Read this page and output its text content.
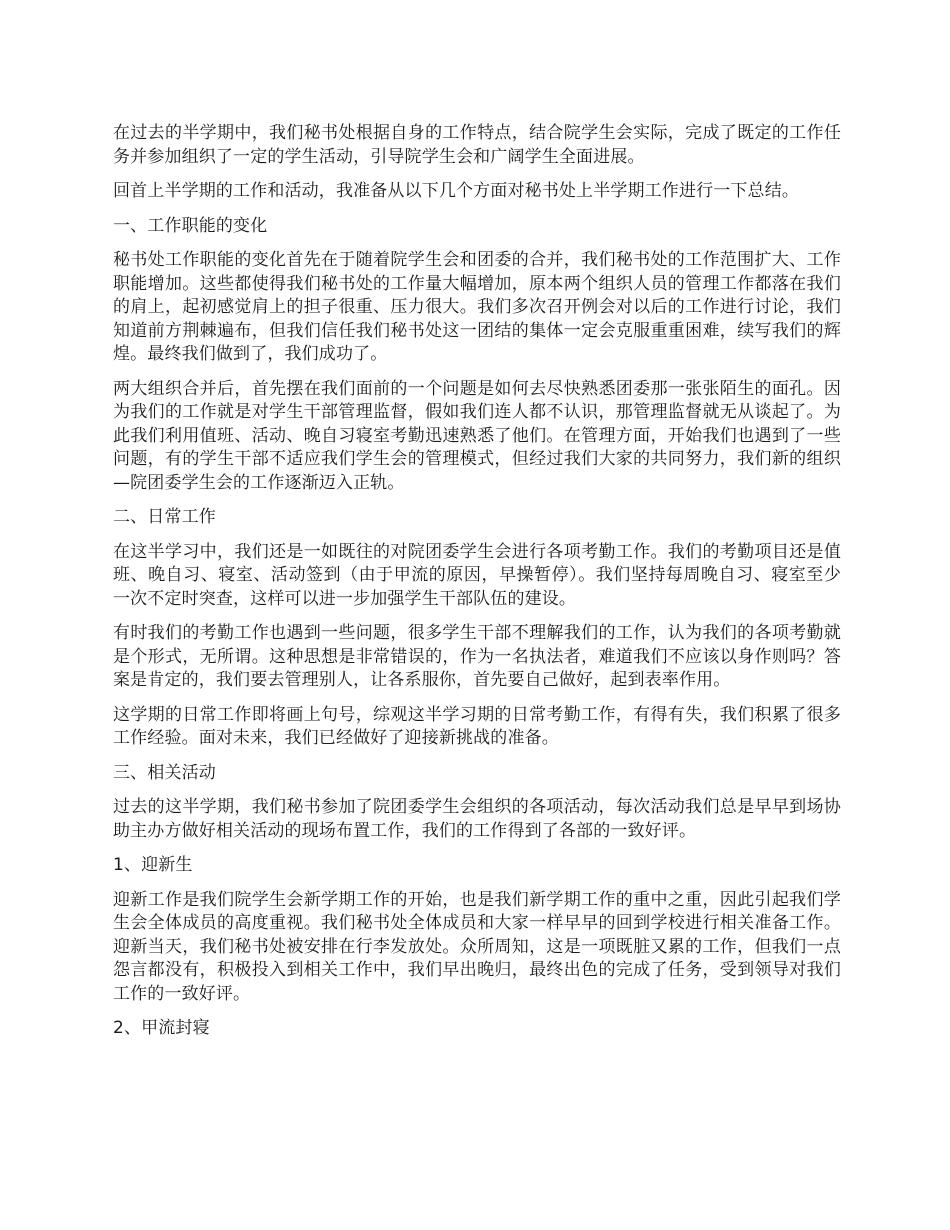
在过去的半学期中，我们秘书处根据自身的工作特点，结合院学生会实际，完成了既定的工作任务并参加组织了一定的学生活动，引导院学生会和广阔学生全面进展。

回首上半学期的工作和活动，我准备从以下几个方面对秘书处上半学期工作进行一下总结。

一、工作职能的变化

秘书处工作职能的变化首先在于随着院学生会和团委的合并，我们秘书处的工作范围扩大、工作职能增加。这些都使得我们秘书处的工作量大幅增加，原本两个组织人员的管理工作都落在我们的肩上，起初感觉肩上的担子很重、压力很大。我们多次召开例会对以后的工作进行讨论，我们知道前方荆棘遍布，但我们信任我们秘书处这一团结的集体一定会克服重重困难，续写我们的辉煌。最终我们做到了，我们成功了。

两大组织合并后，首先摆在我们面前的一个问题是如何去尽快熟悉团委那一张张陌生的面孔。因为我们的工作就是对学生干部管理监督，假如我们连人都不认识，那管理监督就无从谈起了。为此我们利用值班、活动、晚自习寝室考勤迅速熟悉了他们。在管理方面，开始我们也遇到了一些问题，有的学生干部不适应我们学生会的管理模式，但经过我们大家的共同努力，我们新的组织—院团委学生会的工作逐渐迈入正轨。

二、日常工作

在这半学习中，我们还是一如既往的对院团委学生会进行各项考勤工作。我们的考勤项目还是值班、晚自习、寝室、活动签到（由于甲流的原因，早操暂停）。我们坚持每周晚自习、寝室至少一次不定时突查，这样可以进一步加强学生干部队伍的建设。

有时我们的考勤工作也遇到一些问题，很多学生干部不理解我们的工作，认为我们的各项考勤就是个形式，无所谓。这种思想是非常错误的，作为一名执法者，难道我们不应该以身作则吗？答案是肯定的，我们要去管理别人，让各系服你，首先要自己做好，起到表率作用。

这学期的日常工作即将画上句号，综观这半学习期的日常考勤工作，有得有失，我们积累了很多工作经验。面对未来，我们已经做好了迎接新挑战的准备。

三、相关活动

过去的这半学期，我们秘书参加了院团委学生会组织的各项活动，每次活动我们总是早早到场协助主办方做好相关活动的现场布置工作，我们的工作得到了各部的一致好评。

1、迎新生

迎新工作是我们院学生会新学期工作的开始，也是我们新学期工作的重中之重，因此引起我们学生会全体成员的高度重视。我们秘书处全体成员和大家一样早早的回到学校进行相关准备工作。迎新当天，我们秘书处被安排在行李发放处。众所周知，这是一项既脏又累的工作，但我们一点怨言都没有，积极投入到相关工作中，我们早出晚归，最终出色的完成了任务，受到领导对我们工作的一致好评。

2、甲流封寝
